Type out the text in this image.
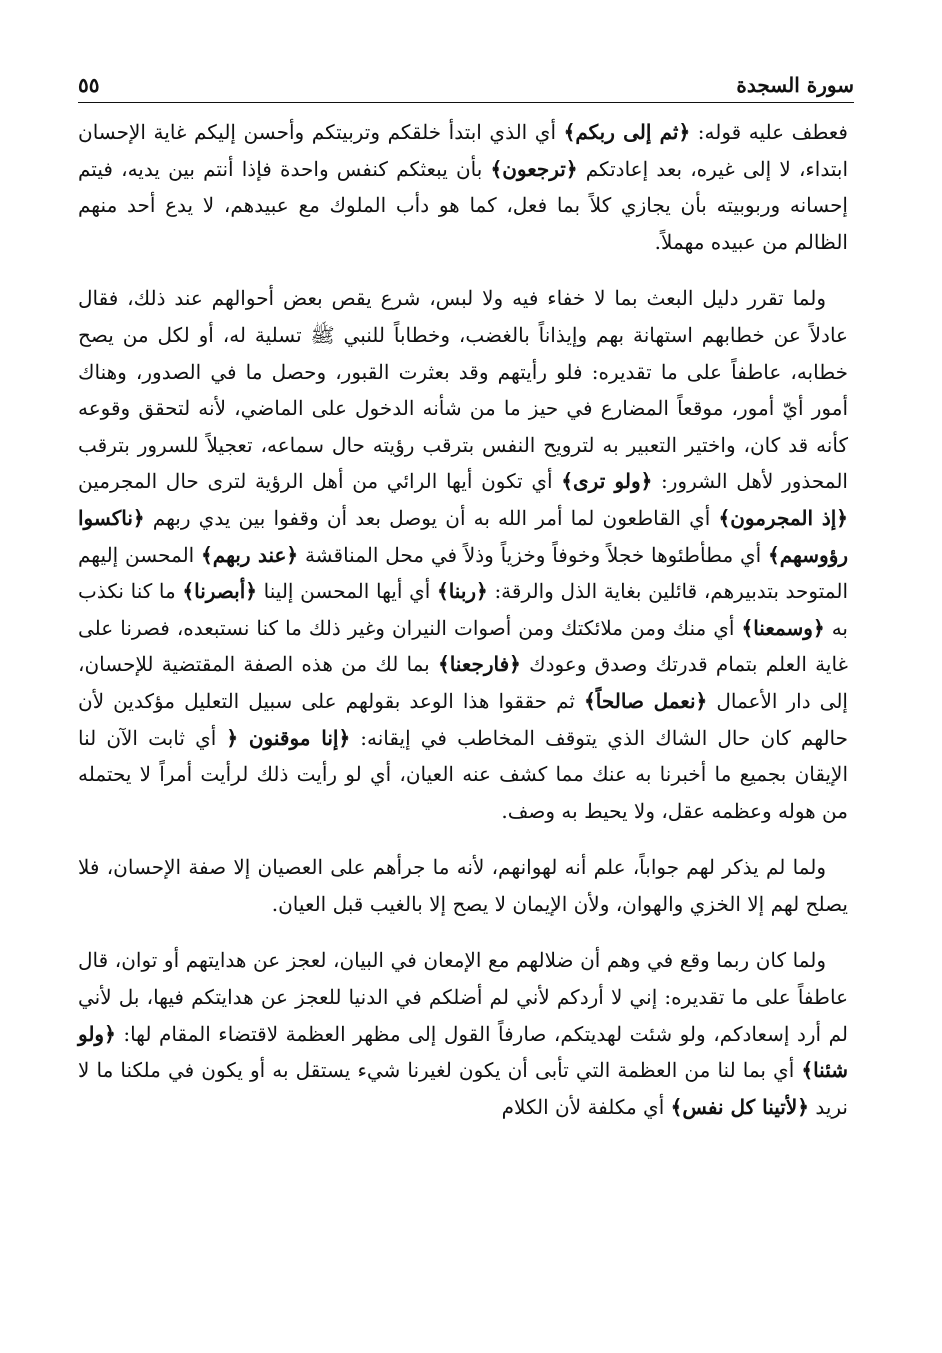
سورة السجدة
٥٥

فعطف عليه قوله: ﴿ثم إلى ربكم﴾ أي الذي ابتدأ خلقكم وتربيتكم وأحسن إليكم غاية الإحسان ابتداء، لا إلى غيره، بعد إعادتكم ﴿ترجعون﴾ بأن يبعثكم كنفس واحدة فإذا أنتم بين يديه، فيتم إحسانه وربوبيته بأن يجازي كلاً بما فعل، كما هو دأب الملوك مع عبيدهم، لا يدع أحد منهم الظالم من عبيده مهملاً.

ولما تقرر دليل البعث بما لا خفاء فيه ولا لبس، شرع يقص بعض أحوالهم عند ذلك، فقال عادلاً عن خطابهم استهانة بهم وإيذاناً بالغضب، وخطاباً للنبي ﷺ تسلية له، أو لكل من يصح خطابه، عاطفاً على ما تقديره: فلو رأيتهم وقد بعثرت القبور، وحصل ما في الصدور، وهناك أمور أيّ أمور، موقعاً المضارع في حيز ما من شأنه الدخول على الماضي، لأنه لتحقق وقوعه كأنه قد كان، واختير التعبير به لترويح النفس بترقب رؤيته حال سماعه، تعجيلاً للسرور بترقب المحذور لأهل الشرور: ﴿ولو ترى﴾ أي تكون أيها الرائي من أهل الرؤية لترى حال المجرمين ﴿إذ المجرمون﴾ أي القاطعون لما أمر الله به أن يوصل بعد أن وقفوا بين يدي ربهم ﴿ناكسوا رؤوسهم﴾ أي مطأطئوها خجلاً وخوفاً وخزياً وذلاً في محل المناقشة ﴿عند ربهم﴾ المحسن إليهم المتوحد بتدبيرهم، قائلين بغاية الذل والرقة: ﴿ربنا﴾ أي أيها المحسن إلينا ﴿أبصرنا﴾ ما كنا نكذب به ﴿وسمعنا﴾ أي منك ومن ملائكتك ومن أصوات النيران وغير ذلك ما كنا نستبعده، فصرنا على غاية العلم بتمام قدرتك وصدق وعودك ﴿فارجعنا﴾ بما لك من هذه الصفة المقتضية للإحسان، إلى دار الأعمال ﴿نعمل صالحاً﴾ ثم حققوا هذا الوعد بقولهم على سبيل التعليل مؤكدين لأن حالهم كان حال الشاك الذي يتوقف المخاطب في إيقانه: ﴿إنا موقنون ﴿ أي ثابت الآن لنا الإيقان بجميع ما أخبرنا به عنك مما كشف عنه العيان، أي لو رأيت ذلك لرأيت أمراً لا يحتمله من هوله وعظمه عقل، ولا يحيط به وصف.

ولما لم يذكر لهم جواباً، علم أنه لهوانهم، لأنه ما جرأهم على العصيان إلا صفة الإحسان، فلا يصلح لهم إلا الخزي والهوان، ولأن الإيمان لا يصح إلا بالغيب قبل العيان.

ولما كان ربما وقع في وهم أن ضلالهم مع الإمعان في البيان، لعجز عن هدايتهم أو توان، قال عاطفاً على ما تقديره: إني لا أردكم لأني لم أضلكم في الدنيا للعجز عن هدايتكم فيها، بل لأني لم أرد إسعادكم، ولو شئت لهديتكم، صارفاً القول إلى مظهر العظمة لاقتضاء المقام لها: ﴿ولو شئنا﴾ أي بما لنا من العظمة التي تأبى أن يكون لغيرنا شيء يستقل به أو يكون في ملكنا ما لا نريد ﴿لأتينا كل نفس﴾ أي مكلفة لأن الكلام
